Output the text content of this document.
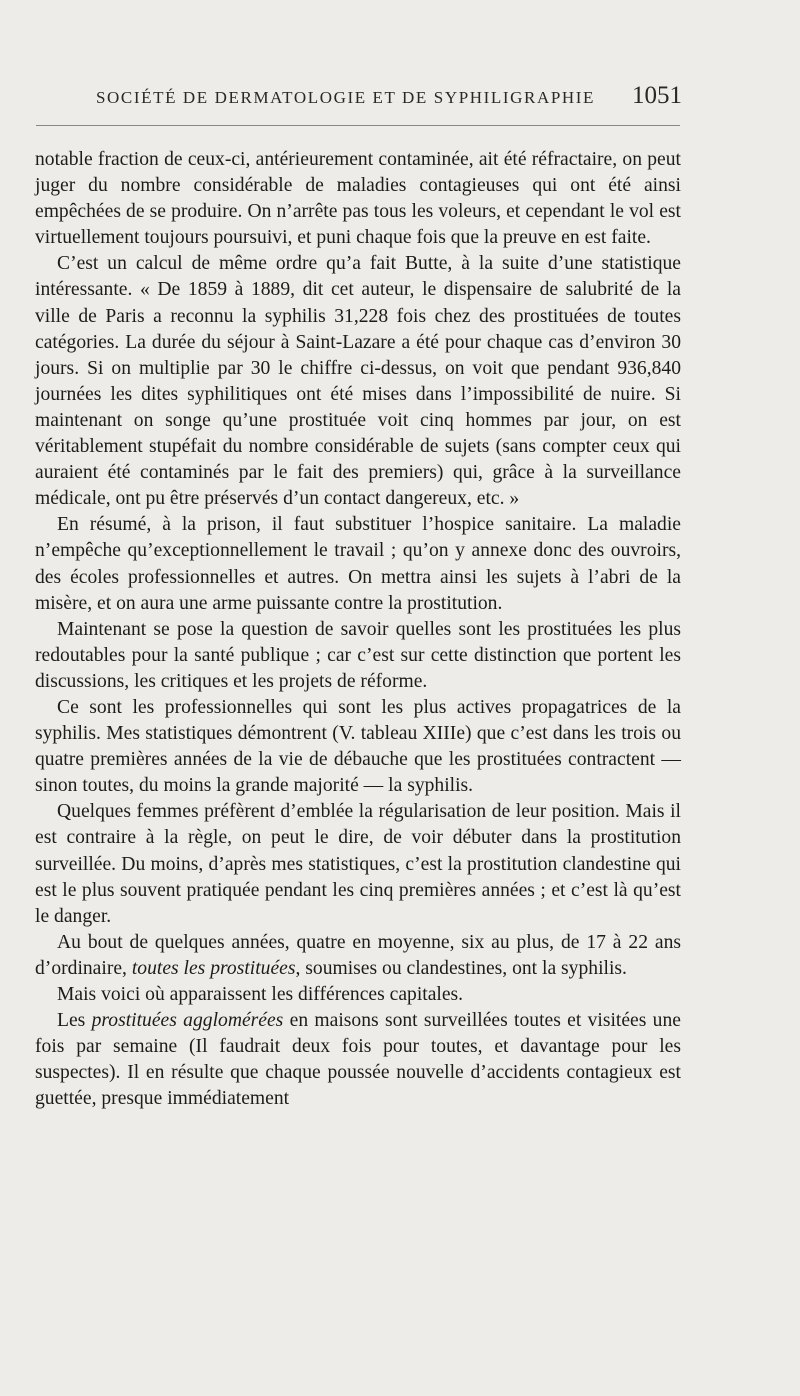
SOCIÉTÉ DE DERMATOLOGIE ET DE SYPHILIGRAPHIE 1051

notable fraction de ceux-ci, antérieurement contaminée, ait été réfractaire, on peut juger du nombre considérable de maladies contagieuses qui ont été ainsi empêchées de se produire. On n’arrête pas tous les voleurs, et cependant le vol est virtuellement toujours poursuivi, et puni chaque fois que la preuve en est faite.

C’est un calcul de même ordre qu’a fait Butte, à la suite d’une statistique intéressante. « De 1859 à 1889, dit cet auteur, le dispensaire de salubrité de la ville de Paris a reconnu la syphilis 31,228 fois chez des prostituées de toutes catégories. La durée du séjour à Saint-Lazare a été pour chaque cas d’environ 30 jours. Si on multiplie par 30 le chiffre ci-dessus, on voit que pendant 936,840 journées les dites syphilitiques ont été mises dans l’impossibilité de nuire. Si maintenant on songe qu’une prostituée voit cinq hommes par jour, on est véritablement stupéfait du nombre considérable de sujets (sans compter ceux qui auraient été contaminés par le fait des premiers) qui, grâce à la surveillance médicale, ont pu être préservés d’un contact dangereux, etc. »

En résumé, à la prison, il faut substituer l’hospice sanitaire. La maladie n’empêche qu’exceptionnellement le travail ; qu’on y annexe donc des ouvroirs, des écoles professionnelles et autres. On mettra ainsi les sujets à l’abri de la misère, et on aura une arme puissante contre la prostitution.

Maintenant se pose la question de savoir quelles sont les prostituées les plus redoutables pour la santé publique ; car c’est sur cette distinction que portent les discussions, les critiques et les projets de réforme.

Ce sont les professionnelles qui sont les plus actives propagatrices de la syphilis. Mes statistiques démontrent (V. tableau XIIIe) que c’est dans les trois ou quatre premières années de la vie de débauche que les prostituées contractent — sinon toutes, du moins la grande majorité — la syphilis.

Quelques femmes préfèrent d’emblée la régularisation de leur position. Mais il est contraire à la règle, on peut le dire, de voir débuter dans la prostitution surveillée. Du moins, d’après mes statistiques, c’est la prostitution clandestine qui est le plus souvent pratiquée pendant les cinq premières années ; et c’est là qu’est le danger.

Au bout de quelques années, quatre en moyenne, six au plus, de 17 à 22 ans d’ordinaire, toutes les prostituées, soumises ou clandestines, ont la syphilis.

Mais voici où apparaissent les différences capitales.

Les prostituées agglomérées en maisons sont surveillées toutes et visitées une fois par semaine (Il faudrait deux fois pour toutes, et davantage pour les suspectes). Il en résulte que chaque poussée nouvelle d’accidents contagieux est guettée, presque immédiatement
